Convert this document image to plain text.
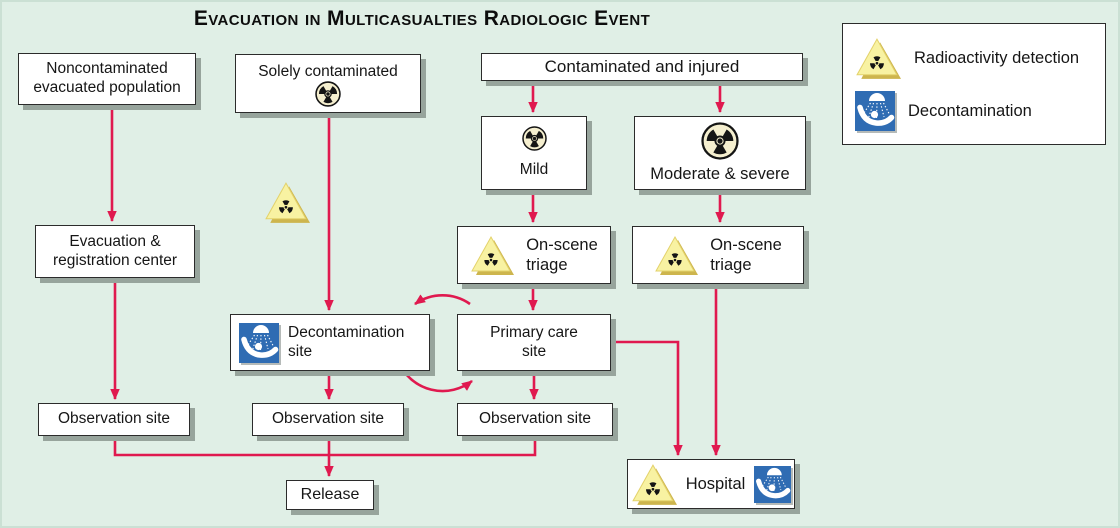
Evacuation in Multicasualties Radiologic Event
Noncontaminated
evacuated population
Solely contaminated	Contaminated and injured
Mild	Moderate & severe
Evacuation &
registration center
On-scene
triage
On-scene
triage
Decontamination
site
Primary care
site
Observation site	Observation site	Observation site
Release
Hospital
Radioactivity detection
Decontamination
